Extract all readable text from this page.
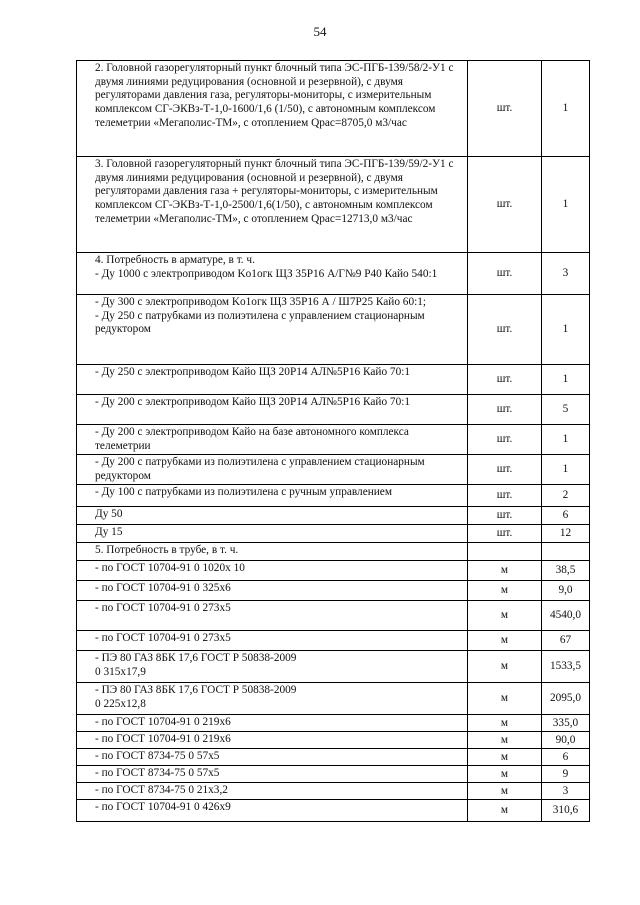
54
2. Головной газорегуляторный пункт блочный типа ЭС-ПГБ-139/58/2-У1 с двумя линиями редуцирования (основной и резервной), с двумя регуляторами давления газа, регуляторы-мониторы, с измерительным комплексом СГ-ЭКВз-Т-1,0-1600/1,6 (1/50), с автономным комплексом телеметрии «Мегаполис-ТМ», с отоплением Qрас=8705,0 м3/час	шт.	1

3. Головной газорегуляторный пункт блочный типа ЭС-ПГБ-139/59/2-У1 с двумя линиями редуцирования (основной и резервной), с двумя регуляторами давления газа + регуляторы-мониторы, с измерительным комплексом СГ-ЭКВз-Т-1,0-2500/1,6(1/50), с автономным комплексом телеметрии «Мегаполис-ТМ», с отоплением Qрас=12713,0 м3/час	шт.	1

4. Потребность в арматуре, в т. ч.
- Ду 1000 с электроприводом Ko1огк ЩЗ 35Р16 А/Г№9 Р40 Кайо 540:1	шт.	3

- Ду 300 с электроприводом Ko1огк ЩЗ 35Р16 А / Ш7Р25 Кайо 60:1;
- Ду 250 с патрубками из полиэтилена с управлением стационарным редуктором	шт.	1

- Ду 250 с электроприводом Кайо ЩЗ 20Р14 АЛ№5Р16 Кайо 70:1	шт.	1

- Ду 200 с электроприводом Кайо ЩЗ 20Р14 АЛ№5Р16 Кайо 70:1	шт.	5

- Ду 200 с электроприводом Кайо на базе автономного комплекса телеметрии	шт.	1

- Ду 200 с патрубками из полиэтилена с управлением стационарным редуктором	шт.	1

- Ду 100 с патрубками из полиэтилена с ручным управлением	шт.	2

Ду 50	шт.	6

Ду 15	шт.	12

5. Потребность в трубе, в т. ч.		

- по ГОСТ 10704-91 0 1020х 10	м	38,5

- по ГОСТ 10704-91 0 325х6	м	9,0

- по ГОСТ 10704-91 0 273х5	м	4540,0

- по ГОСТ 10704-91 0 273х5	м	67

- ПЭ 80 ГАЗ 8БК 17,6 ГОСТ Р 50838-2009
0 315х17,9	м	1533,5

- ПЭ 80 ГАЗ 8БК 17,6 ГОСТ Р 50838-2009
0 225х12,8	м	2095,0

- по ГОСТ 10704-91 0 219х6	м	335,0

- по ГОСТ 10704-91 0 219х6	м	90,0

- по ГОСТ 8734-75 0 57х5	м	6

- по ГОСТ 8734-75 0 57х5	м	9

- по ГОСТ 8734-75 0 21х3,2	м	3

- по ГОСТ 10704-91 0 426х9	м	310,6
